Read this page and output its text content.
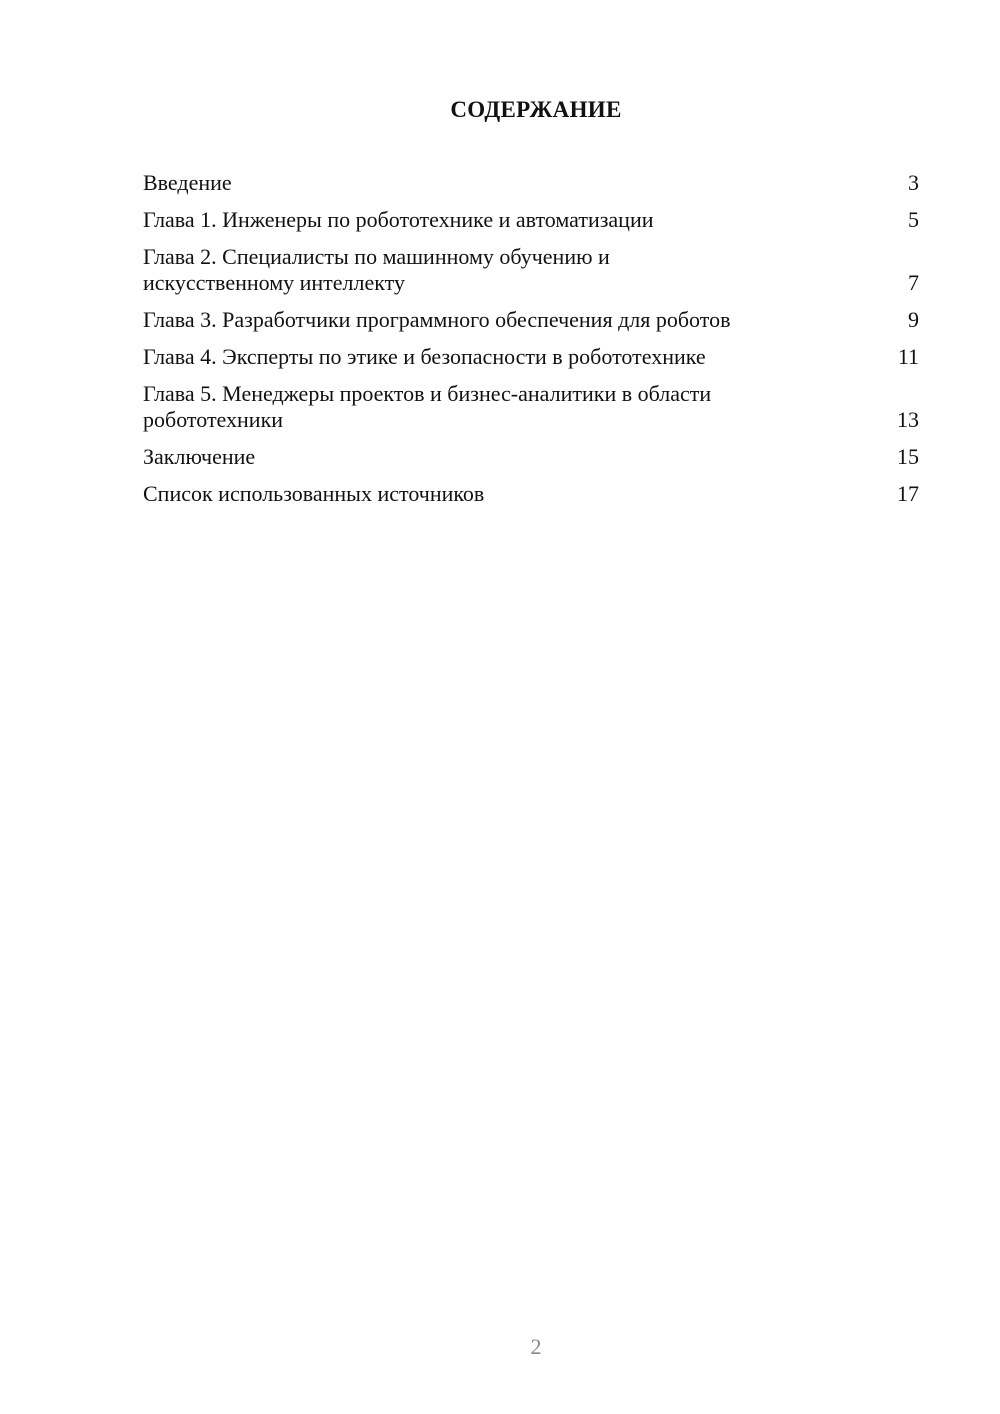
СОДЕРЖАНИЕ
Введение	3
Глава 1. Инженеры по робототехнике и автоматизации	5
Глава 2. Специалисты по машинному обучению и
искусственному интеллекту	7
Глава 3. Разработчики программного обеспечения для роботов	9
Глава 4. Эксперты по этике и безопасности в робототехнике	11
Глава 5. Менеджеры проектов и бизнес-аналитики в области
робототехники	13
Заключение	15
Список использованных источников	17
2
